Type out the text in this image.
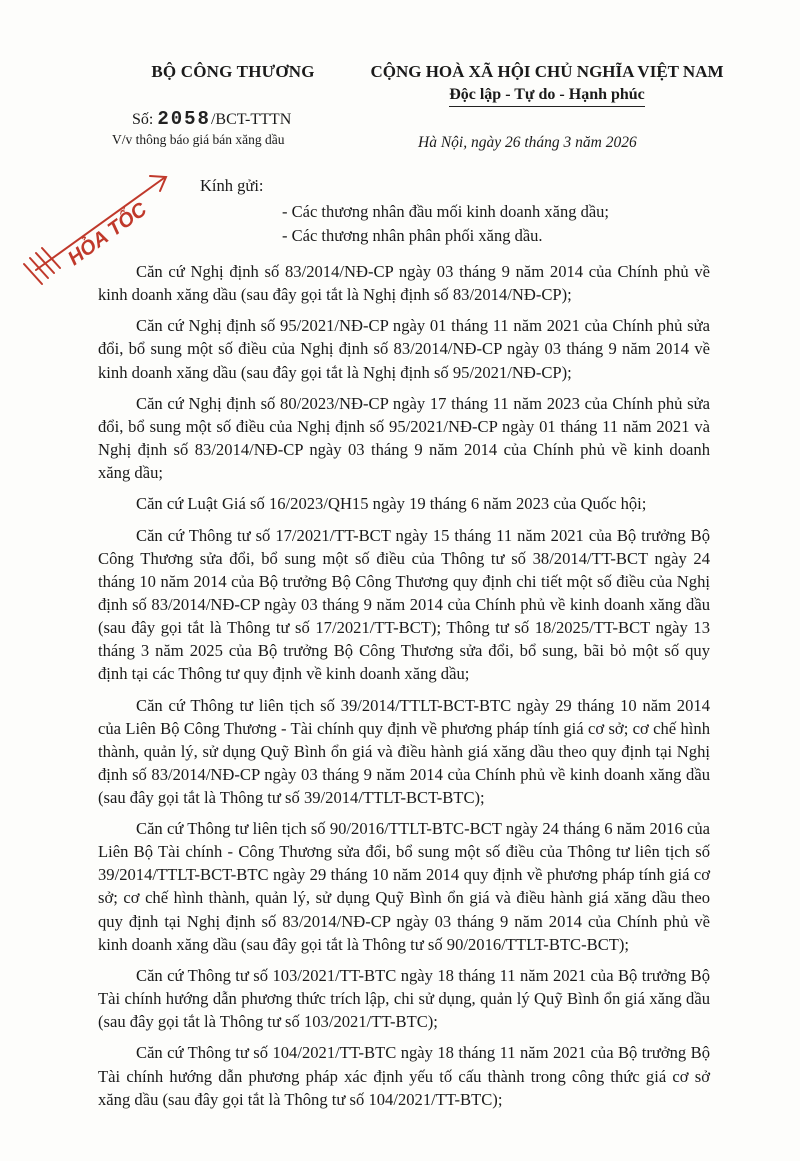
BỘ CÔNG THƯƠNG
Số: 2058/BCT-TTTN
V/v thông báo giá bán xăng dầu
CỘNG HOÀ XÃ HỘI CHỦ NGHĨA VIỆT NAM
Độc lập - Tự do - Hạnh phúc
Hà Nội, ngày 26 tháng 3 năm 2026
HỎA TỐC
Kính gửi:
- Các thương nhân đầu mối kinh doanh xăng dầu;
- Các thương nhân phân phối xăng dầu.

Căn cứ Nghị định số 83/2014/NĐ-CP ngày 03 tháng 9 năm 2014 của Chính phủ về kinh doanh xăng dầu (sau đây gọi tắt là Nghị định số 83/2014/NĐ-CP);

Căn cứ Nghị định số 95/2021/NĐ-CP ngày 01 tháng 11 năm 2021 của Chính phủ sửa đổi, bổ sung một số điều của Nghị định số 83/2014/NĐ-CP ngày 03 tháng 9 năm 2014 về kinh doanh xăng dầu (sau đây gọi tắt là Nghị định số 95/2021/NĐ-CP);

Căn cứ Nghị định số 80/2023/NĐ-CP ngày 17 tháng 11 năm 2023 của Chính phủ sửa đổi, bổ sung một số điều của Nghị định số 95/2021/NĐ-CP ngày 01 tháng 11 năm 2021 và Nghị định số 83/2014/NĐ-CP ngày 03 tháng 9 năm 2014 của Chính phủ về kinh doanh xăng dầu;

Căn cứ Luật Giá số 16/2023/QH15 ngày 19 tháng 6 năm 2023 của Quốc hội;

Căn cứ Thông tư số 17/2021/TT-BCT ngày 15 tháng 11 năm 2021 của Bộ trưởng Bộ Công Thương sửa đổi, bổ sung một số điều của Thông tư số 38/2014/TT-BCT ngày 24 tháng 10 năm 2014 của Bộ trưởng Bộ Công Thương quy định chi tiết một số điều của Nghị định số 83/2014/NĐ-CP ngày 03 tháng 9 năm 2014 của Chính phủ về kinh doanh xăng dầu (sau đây gọi tắt là Thông tư số 17/2021/TT-BCT); Thông tư số 18/2025/TT-BCT ngày 13 tháng 3 năm 2025 của Bộ trưởng Bộ Công Thương sửa đổi, bổ sung, bãi bỏ một số quy định tại các Thông tư quy định về kinh doanh xăng dầu;

Căn cứ Thông tư liên tịch số 39/2014/TTLT-BCT-BTC ngày 29 tháng 10 năm 2014 của Liên Bộ Công Thương - Tài chính quy định về phương pháp tính giá cơ sở; cơ chế hình thành, quản lý, sử dụng Quỹ Bình ổn giá và điều hành giá xăng dầu theo quy định tại Nghị định số 83/2014/NĐ-CP ngày 03 tháng 9 năm 2014 của Chính phủ về kinh doanh xăng dầu (sau đây gọi tắt là Thông tư số 39/2014/TTLT-BCT-BTC);

Căn cứ Thông tư liên tịch số 90/2016/TTLT-BTC-BCT ngày 24 tháng 6 năm 2016 của Liên Bộ Tài chính - Công Thương sửa đổi, bổ sung một số điều của Thông tư liên tịch số 39/2014/TTLT-BCT-BTC ngày 29 tháng 10 năm 2014 quy định về phương pháp tính giá cơ sở; cơ chế hình thành, quản lý, sử dụng Quỹ Bình ổn giá và điều hành giá xăng dầu theo quy định tại Nghị định số 83/2014/NĐ-CP ngày 03 tháng 9 năm 2014 của Chính phủ về kinh doanh xăng dầu (sau đây gọi tắt là Thông tư số 90/2016/TTLT-BTC-BCT);

Căn cứ Thông tư số 103/2021/TT-BTC ngày 18 tháng 11 năm 2021 của Bộ trưởng Bộ Tài chính hướng dẫn phương thức trích lập, chi sử dụng, quản lý Quỹ Bình ổn giá xăng dầu (sau đây gọi tắt là Thông tư số 103/2021/TT-BTC);

Căn cứ Thông tư số 104/2021/TT-BTC ngày 18 tháng 11 năm 2021 của Bộ trưởng Bộ Tài chính hướng dẫn phương pháp xác định yếu tố cấu thành trong công thức giá cơ sở xăng dầu (sau đây gọi tắt là Thông tư số 104/2021/TT-BTC);
